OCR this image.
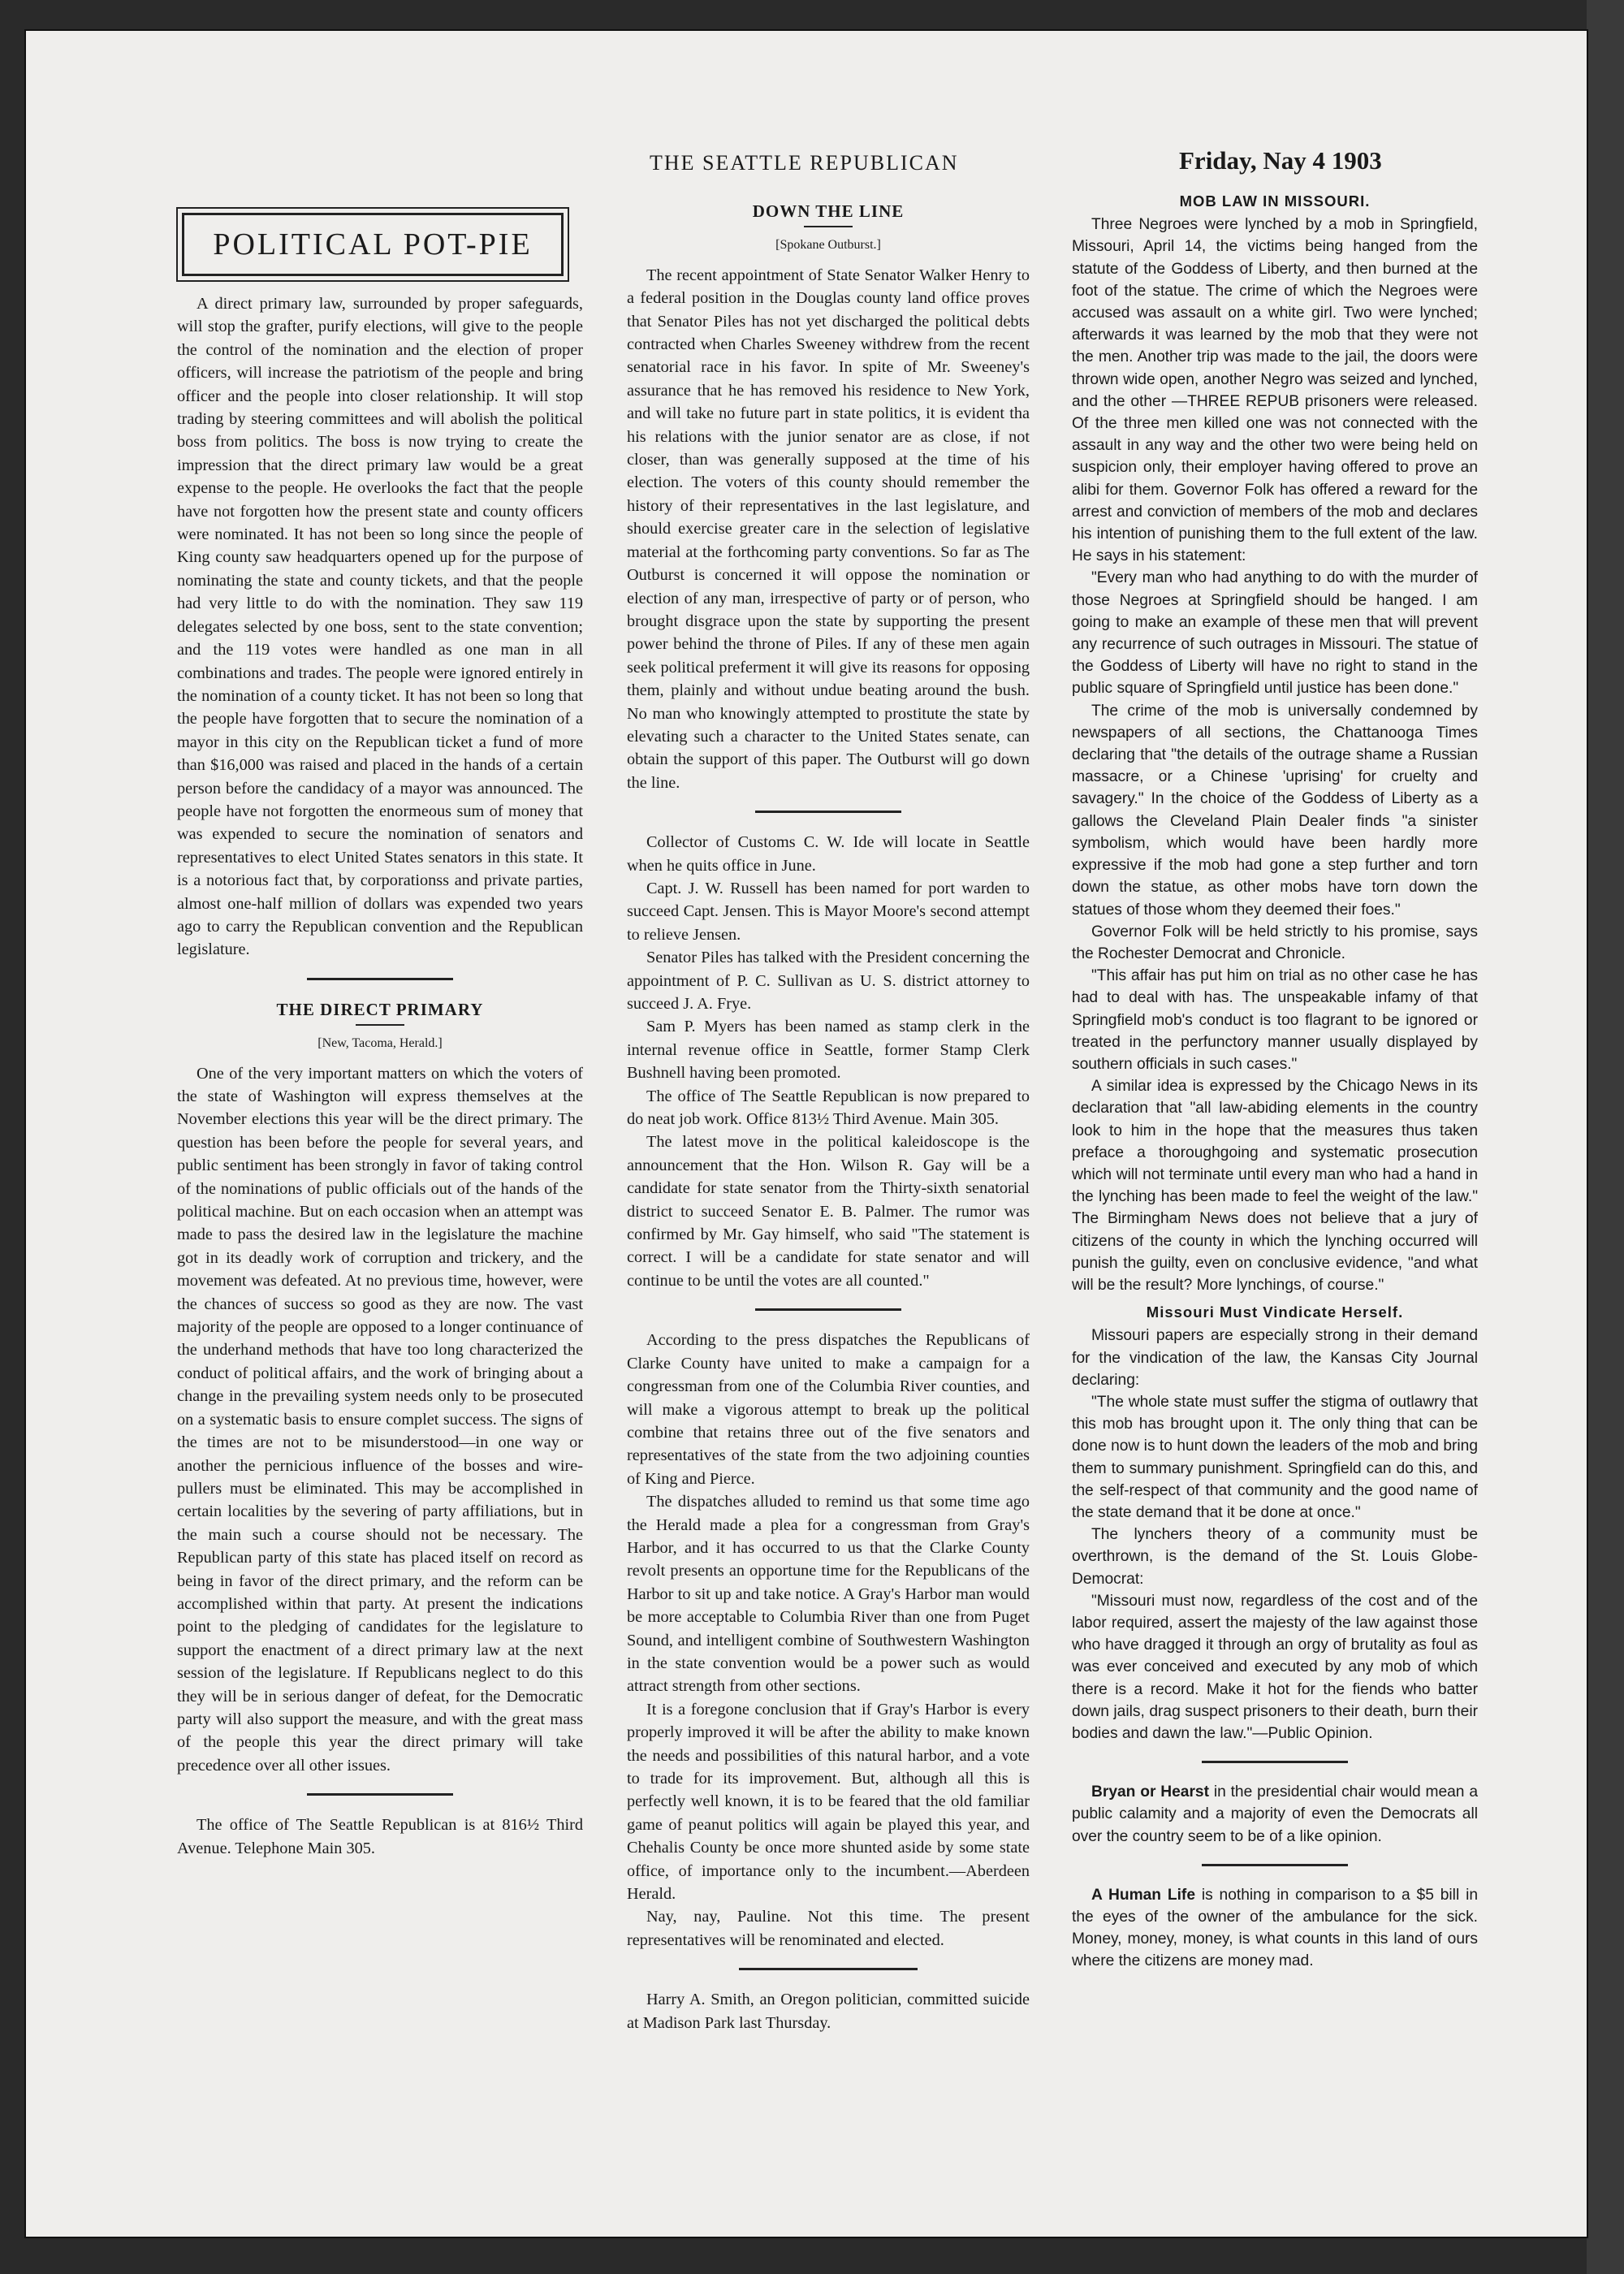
THE SEATTLE REPUBLICAN	Friday, Nay 4 1903
POLITICAL POT-PIE

A direct primary law, surrounded by proper safeguards, will stop the grafter, purify elections, will give to the people the control of the nomination and the election of proper officers, will increase the patriotism of the people and bring officer and the people into closer relationship. It will stop trading by steering committees and will abolish the political boss from politics. The boss is now trying to create the impression that the direct primary law would be a great expense to the people. He overlooks the fact that the people have not forgotten how the present state and county officers were nominated. It has not been so long since the people of King county saw headquarters opened up for the purpose of nominating the state and county tickets, and that the people had very little to do with the nomination. They saw 119 delegates selected by one boss, sent to the state convention; and the 119 votes were handled as one man in all combinations and trades. The people were ignored entirely in the nomination of a county ticket. It has not been so long that the people have forgotten that to secure the nomination of a mayor in this city on the Republican ticket a fund of more than $16,000 was raised and placed in the hands of a certain person before the candidacy of a mayor was announced. The people have not forgotten the enormeous sum of money that was expended to secure the nomination of senators and representatives to elect United States senators in this state. It is a notorious fact that, by corporationss and private parties, almost one-half million of dollars was expended two years ago to carry the Republican convention and the Republican legislature.

THE DIRECT PRIMARY
[New, Tacoma, Herald.]

One of the very important matters on which the voters of the state of Washington will express themselves at the November elections this year will be the direct primary. The question has been before the people for several years, and public sentiment has been strongly in favor of taking control of the nominations of public officials out of the hands of the political machine. But on each occasion when an attempt was made to pass the desired law in the legislature the machine got in its deadly work of corruption and trickery, and the movement was defeated. At no previous time, however, were the chances of success so good as they are now. The vast majority of the people are opposed to a longer continuance of the underhand methods that have too long characterized the conduct of political affairs, and the work of bringing about a change in the prevailing system needs only to be prosecuted on a systematic basis to ensure complet success. The signs of the times are not to be misunderstood—in one way or another the pernicious influence of the bosses and wire-pullers must be eliminated. This may be accomplished in certain localities by the severing of party affiliations, but in the main such a course should not be necessary. The Republican party of this state has placed itself on record as being in favor of the direct primary, and the reform can be accomplished within that party. At present the indications point to the pledging of candidates for the legislature to support the enactment of a direct primary law at the next session of the legislature. If Republicans neglect to do this they will be in serious danger of defeat, for the Democratic party will also support the measure, and with the great mass of the people this year the direct primary will take precedence over all other issues.

The office of The Seattle Republican is at 816½ Third Avenue. Telephone Main 305.

DOWN THE LINE
[Spokane Outburst.]

The recent appointment of State Senator Walker Henry to a federal position in the Douglas county land office proves that Senator Piles has not yet discharged the political debts contracted when Charles Sweeney withdrew from the recent senatorial race in his favor. In spite of Mr. Sweeney's assurance that he has removed his residence to New York, and will take no future part in state politics, it is evident tha his relations with the junior senator are as close, if not closer, than was generally supposed at the time of his election. The voters of this county should remember the history of their representatives in the last legislature, and should exercise greater care in the selection of legislative material at the forthcoming party conventions. So far as The Outburst is concerned it will oppose the nomination or election of any man, irrespective of party or of person, who brought disgrace upon the state by supporting the present power behind the throne of Piles. If any of these men again seek political preferment it will give its reasons for opposing them, plainly and without undue beating around the bush. No man who knowingly attempted to prostitute the state by elevating such a character to the United States senate, can obtain the support of this paper. The Outburst will go down the line.

Collector of Customs C. W. Ide will locate in Seattle when he quits office in June.

Capt. J. W. Russell has been named for port warden to succeed Capt. Jensen. This is Mayor Moore's second attempt to relieve Jensen.

Senator Piles has talked with the President concerning the appointment of P. C. Sullivan as U. S. district attorney to succeed J. A. Frye.

Sam P. Myers has been named as stamp clerk in the internal revenue office in Seattle, former Stamp Clerk Bushnell having been promoted.

The office of The Seattle Republican is now prepared to do neat job work. Office 813½ Third Avenue. Main 305.

The latest move in the political kaleidoscope is the announcement that the Hon. Wilson R. Gay will be a candidate for state senator from the Thirty-sixth senatorial district to succeed Senator E. B. Palmer. The rumor was confirmed by Mr. Gay himself, who said "The statement is correct. I will be a candidate for state senator and will continue to be until the votes are all counted."

According to the press dispatches the Republicans of Clarke County have united to make a campaign for a congressman from one of the Columbia River counties, and will make a vigorous attempt to break up the political combine that retains three out of the five senators and representatives of the state from the two adjoining counties of King and Pierce.

The dispatches alluded to remind us that some time ago the Herald made a plea for a congressman from Gray's Harbor, and it has occurred to us that the Clarke County revolt presents an opportune time for the Republicans of the Harbor to sit up and take notice. A Gray's Harbor man would be more acceptable to Columbia River than one from Puget Sound, and intelligent combine of Southwestern Washington in the state convention would be a power such as would attract strength from other sections.

It is a foregone conclusion that if Gray's Harbor is every properly improved it will be after the ability to make known the needs and possibilities of this natural harbor, and a vote to trade for its improvement. But, although all this is perfectly well known, it is to be feared that the old familiar game of peanut politics will again be played this year, and Chehalis County be once more shunted aside by some state office, of importance only to the incumbent.—Aberdeen Herald.

Nay, nay, Pauline. Not this time. The present representatives will be renominated and elected.

Harry A. Smith, an Oregon politician, committed suicide at Madison Park last Thursday.

MOB LAW IN MISSOURI.

Three Negroes were lynched by a mob in Springfield, Missouri, April 14, the victims being hanged from the statute of the Goddess of Liberty, and then burned at the foot of the statue. The crime of which the Negroes were accused was assault on a white girl. Two were lynched; afterwards it was learned by the mob that they were not the men. Another trip was made to the jail, the doors were thrown wide open, another Negro was seized and lynched, and the other —THREE REPUB prisoners were released. Of the three men killed one was not connected with the assault in any way and the other two were being held on suspicion only, their employer having offered to prove an alibi for them. Governor Folk has offered a reward for the arrest and conviction of members of the mob and declares his intention of punishing them to the full extent of the law. He says in his statement:

"Every man who had anything to do with the murder of those Negroes at Springfield should be hanged. I am going to make an example of these men that will prevent any recurrence of such outrages in Missouri. The statue of the Goddess of Liberty will have no right to stand in the public square of Springfield until justice has been done."

The crime of the mob is universally condemned by newspapers of all sections, the Chattanooga Times declaring that "the details of the outrage shame a Russian massacre, or a Chinese 'uprising' for cruelty and savagery." In the choice of the Goddess of Liberty as a gallows the Cleveland Plain Dealer finds "a sinister symbolism, which would have been hardly more expressive if the mob had gone a step further and torn down the statue, as other mobs have torn down the statues of those whom they deemed their foes."

Governor Folk will be held strictly to his promise, says the Rochester Democrat and Chronicle.

"This affair has put him on trial as no other case he has had to deal with has. The unspeakable infamy of that Springfield mob's conduct is too flagrant to be ignored or treated in the perfunctory manner usually displayed by southern officials in such cases."

A similar idea is expressed by the Chicago News in its declaration that "all law-abiding elements in the country look to him in the hope that the measures thus taken preface a thoroughgoing and systematic prosecution which will not terminate until every man who had a hand in the lynching has been made to feel the weight of the law." The Birmingham News does not believe that a jury of citizens of the county in which the lynching occurred will punish the guilty, even on conclusive evidence, "and what will be the result? More lynchings, of course."

Missouri Must Vindicate Herself.

Missouri papers are especially strong in their demand for the vindication of the law, the Kansas City Journal declaring:

"The whole state must suffer the stigma of outlawry that this mob has brought upon it. The only thing that can be done now is to hunt down the leaders of the mob and bring them to summary punishment. Springfield can do this, and the self-respect of that community and the good name of the state demand that it be done at once."

The lynchers theory of a community must be overthrown, is the demand of the St. Louis Globe-Democrat:

"Missouri must now, regardless of the cost and of the labor required, assert the majesty of the law against those who have dragged it through an orgy of brutality as foul as was ever conceived and executed by any mob of which there is a record. Make it hot for the fiends who batter down jails, drag suspect prisoners to their death, burn their bodies and dawn the law."—Public Opinion.

Bryan or Hearst in the presidential chair would mean a public calamity and a majority of even the Democrats all over the country seem to be of a like opinion.

A Human Life is nothing in comparison to a $5 bill in the eyes of the owner of the ambulance for the sick. Money, money, money, is what counts in this land of ours where the citizens are money mad.
